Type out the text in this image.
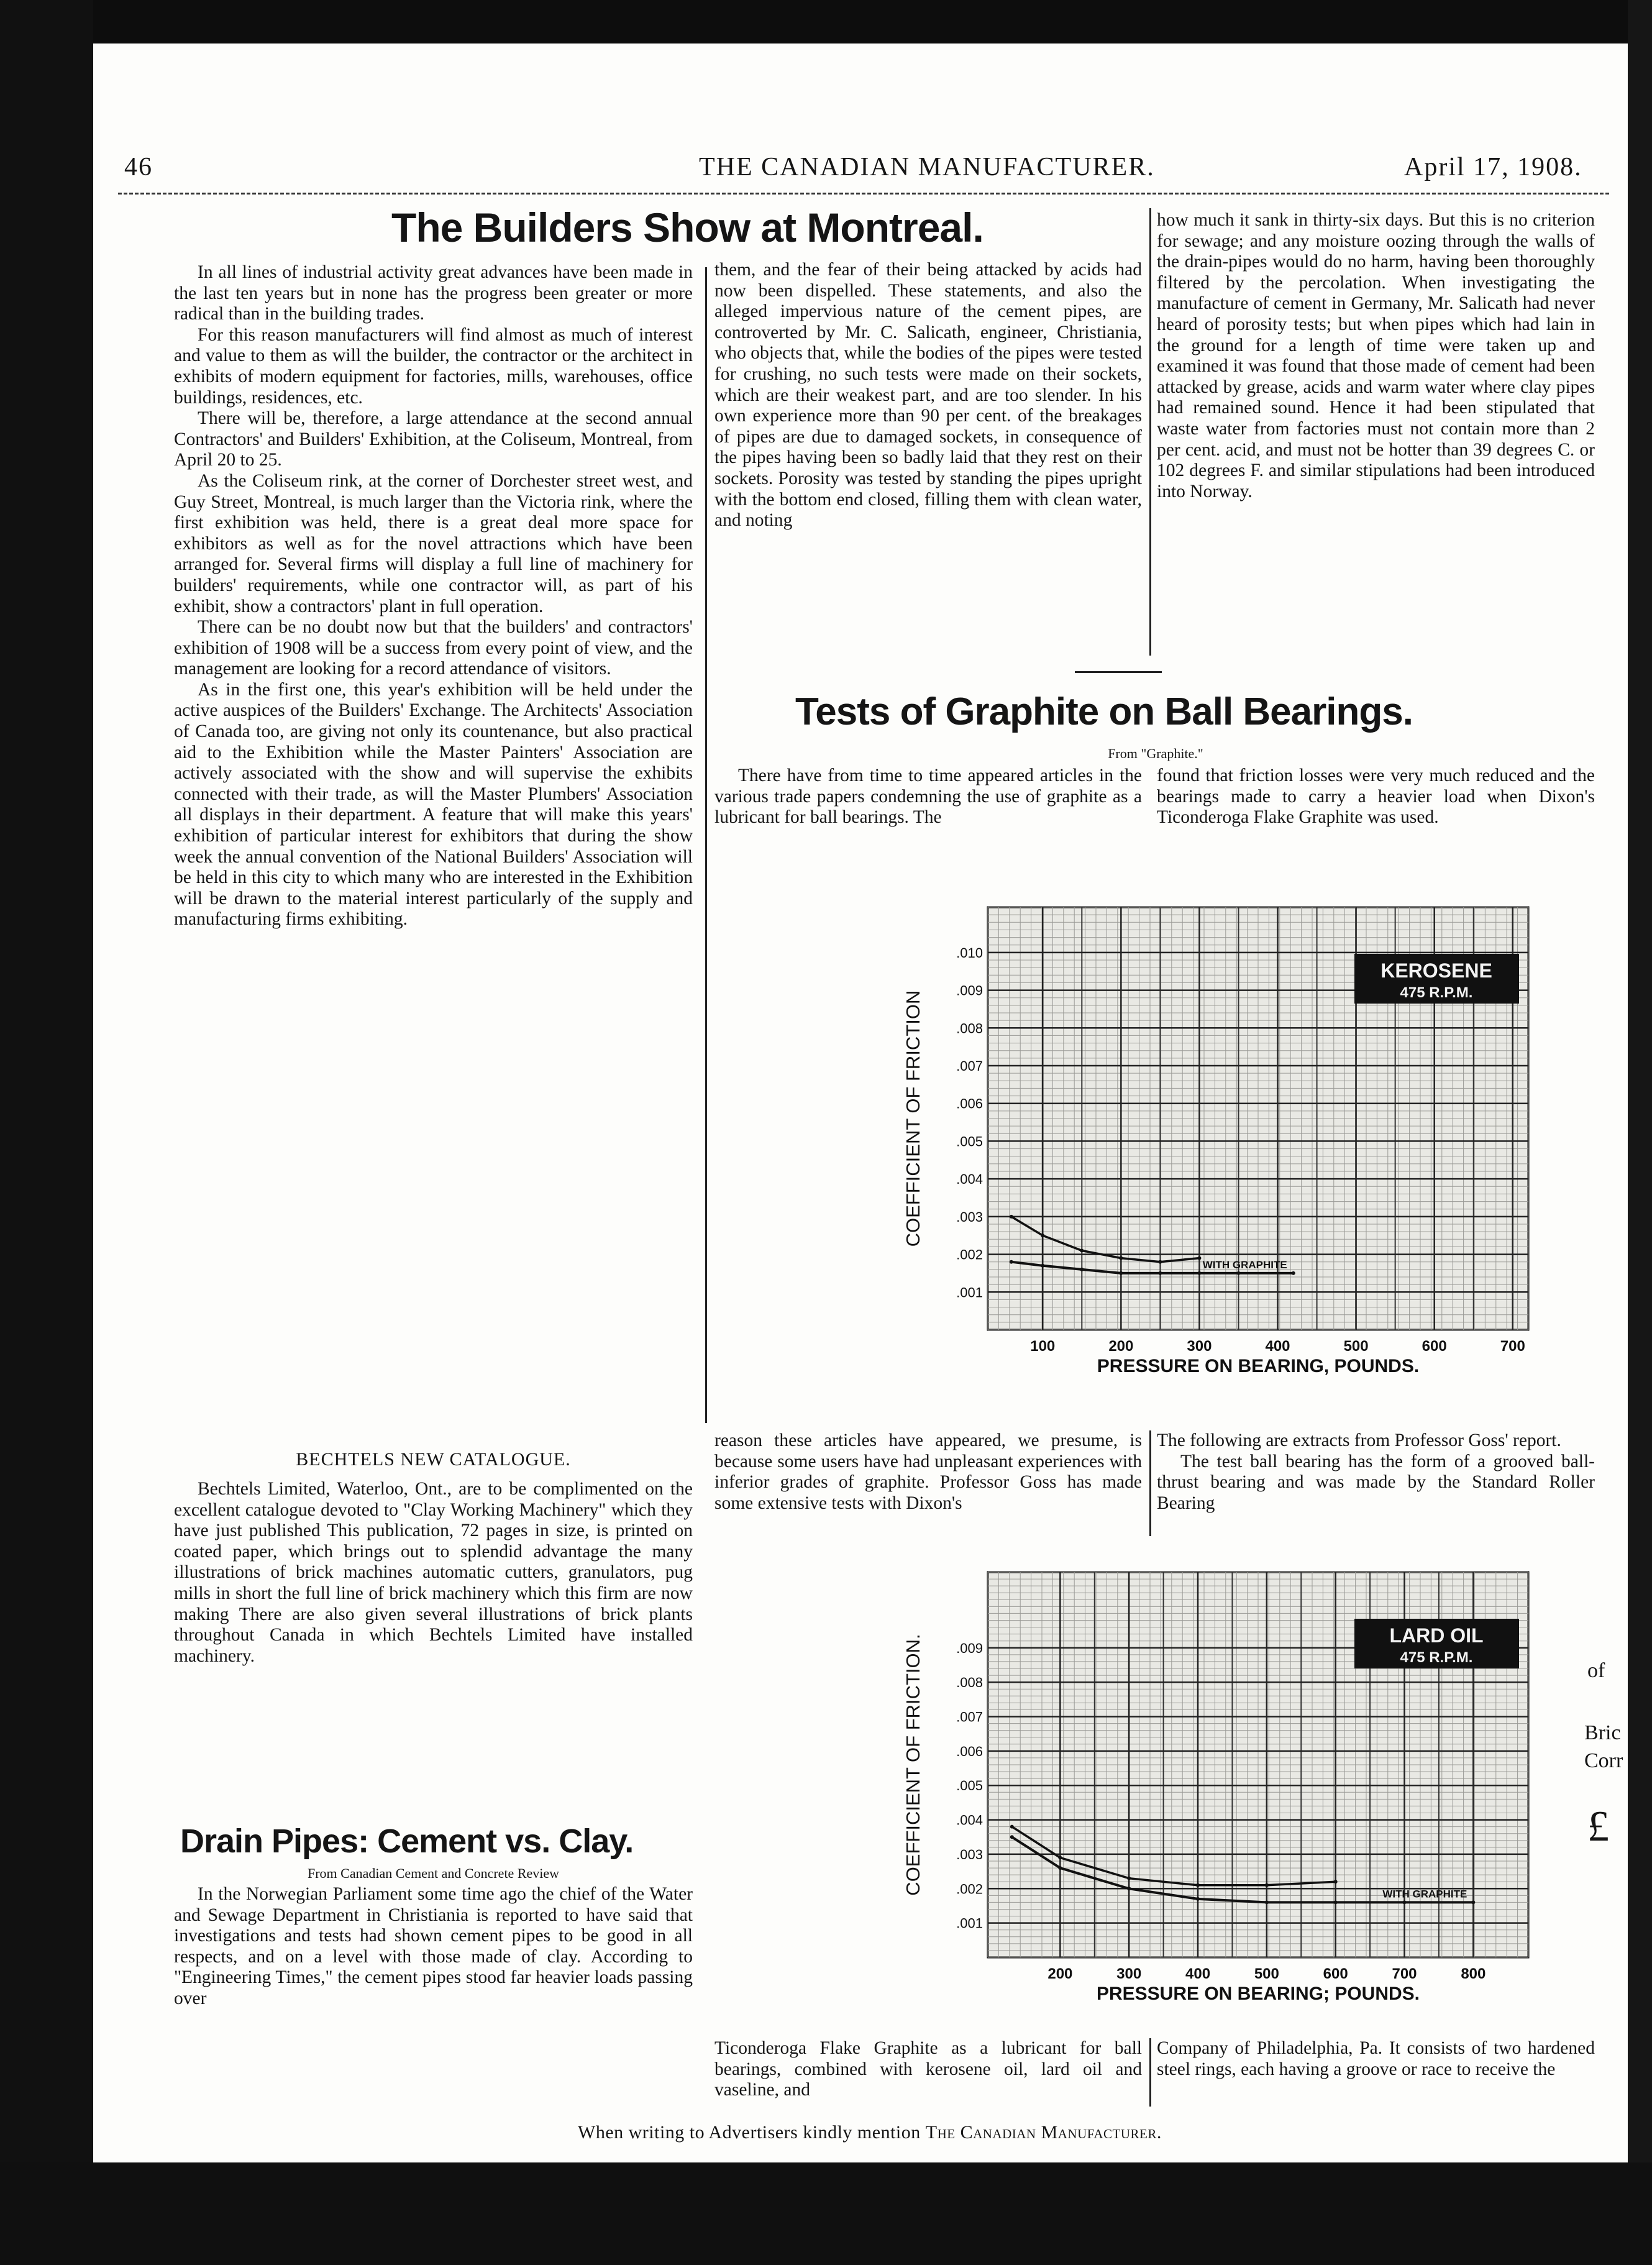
46	THE CANADIAN MANUFACTURER.	April 17, 1908.
The Builders Show at Montreal.

In all lines of industrial activity great advances have been made in the last ten years but in none has the progress been greater or more radical than in the building trades.

For this reason manufacturers will find almost as much of interest and value to them as will the builder, the contractor or the architect in exhibits of modern equipment for factories, mills, warehouses, office buildings, residences, etc.

There will be, therefore, a large attendance at the second annual Contractors' and Builders' Exhibition, at the Coliseum, Montreal, from April 20 to 25.

As the Coliseum rink, at the corner of Dorchester street west, and Guy Street, Montreal, is much larger than the Victoria rink, where the first exhibition was held, there is a great deal more space for exhibitors as well as for the novel attractions which have been arranged for. Several firms will display a full line of machinery for builders' requirements, while one contractor will, as part of his exhibit, show a contractors' plant in full operation.

There can be no doubt now but that the builders' and contractors' exhibition of 1908 will be a success from every point of view, and the management are looking for a record attendance of visitors.

As in the first one, this year's exhibition will be held under the active auspices of the Builders' Exchange. The Architects' Association of Canada too, are giving not only its countenance, but also practical aid to the Exhibition while the Master Painters' Association are actively associated with the show and will supervise the exhibits connected with their trade, as will the Master Plumbers' Association all displays in their department. A feature that will make this years' exhibition of particular interest for exhibitors that during the show week the annual convention of the National Builders' Association will be held in this city to which many who are interested in the Exhibition will be drawn to the material interest particularly of the supply and manufacturing firms exhibiting.

BECHTELS NEW CATALOGUE.

Bechtels Limited, Waterloo, Ont., are to be complimented on the excellent catalogue devoted to "Clay Working Machinery" which they have just published This publication, 72 pages in size, is printed on coated paper, which brings out to splendid advantage the many illustrations of brick machines automatic cutters, granulators, pug mills in short the full line of brick machinery which this firm are now making There are also given several illustrations of brick plants throughout Canada in which Bechtels Limited have installed machinery.

Drain Pipes: Cement vs. Clay.
From Canadian Cement and Concrete Review

In the Norwegian Parliament some time ago the chief of the Water and Sewage Department in Christiania is reported to have said that investigations and tests had shown cement pipes to be good in all respects, and on a level with those made of clay. According to "Engineering Times," the cement pipes stood far heavier loads passing over

them, and the fear of their being attacked by acids had now been dispelled. These statements, and also the alleged impervious nature of the cement pipes, are controverted by Mr. C. Salicath, engineer, Christiania, who objects that, while the bodies of the pipes were tested for crushing, no such tests were made on their sockets, which are their weakest part, and are too slender. In his own experience more than 90 per cent. of the breakages of pipes are due to damaged sockets, in consequence of the pipes having been so badly laid that they rest on their sockets. Porosity was tested by standing the pipes upright with the bottom end closed, filling them with clean water, and noting

how much it sank in thirty-six days. But this is no criterion for sewage; and any moisture oozing through the walls of the drain-pipes would do no harm, having been thoroughly filtered by the percolation. When investigating the manufacture of cement in Germany, Mr. Salicath had never heard of porosity tests; but when pipes which had lain in the ground for a length of time were taken up and examined it was found that those made of cement had been attacked by grease, acids and warm water where clay pipes had remained sound. Hence it had been stipulated that waste water from factories must not contain more than 2 per cent. acid, and must not be hotter than 39 degrees C. or 102 degrees F. and similar stipulations had been introduced into Norway.

Tests of Graphite on Ball Bearings.
From "Graphite."

There have from time to time appeared articles in the various trade papers condemning the use of graphite as a lubricant for ball bearings. The

found that friction losses were very much reduced and the bearings made to carry a heavier load when Dixon's Ticonderoga Flake Graphite was used.

100	200	300	400	500	600	700
.001
.002
.003
.004
.005
.006
.007
.008
.009
.010
WITH GRAPHITE
KEROSENE
475 R.P.M.
PRESSURE ON BEARING, POUNDS.
COEFFICIENT OF FRICTION

reason these articles have appeared, we presume, is because some users have had unpleasant experiences with inferior grades of graphite. Professor Goss has made some extensive tests with Dixon's

The following are extracts from Professor Goss' report.

The test ball bearing has the form of a grooved ball-thrust bearing and was made by the Standard Roller Bearing

200	300	400	500	600	700	800
.001
.002
.003
.004
.005
.006
.007
.008
.009
WITH GRAPHITE
LARD OIL
475 R.P.M.
PRESSURE ON BEARING; POUNDS.
COEFFICIENT OF FRICTION.

Ticonderoga Flake Graphite as a lubricant for ball bearings, combined with kerosene oil, lard oil and vaseline, and

Company of Philadelphia, Pa. It consists of two hardened steel rings, each having a groove or race to receive the

of
Bric
Corr
£
When writing to Advertisers kindly mention The Canadian Manufacturer.
